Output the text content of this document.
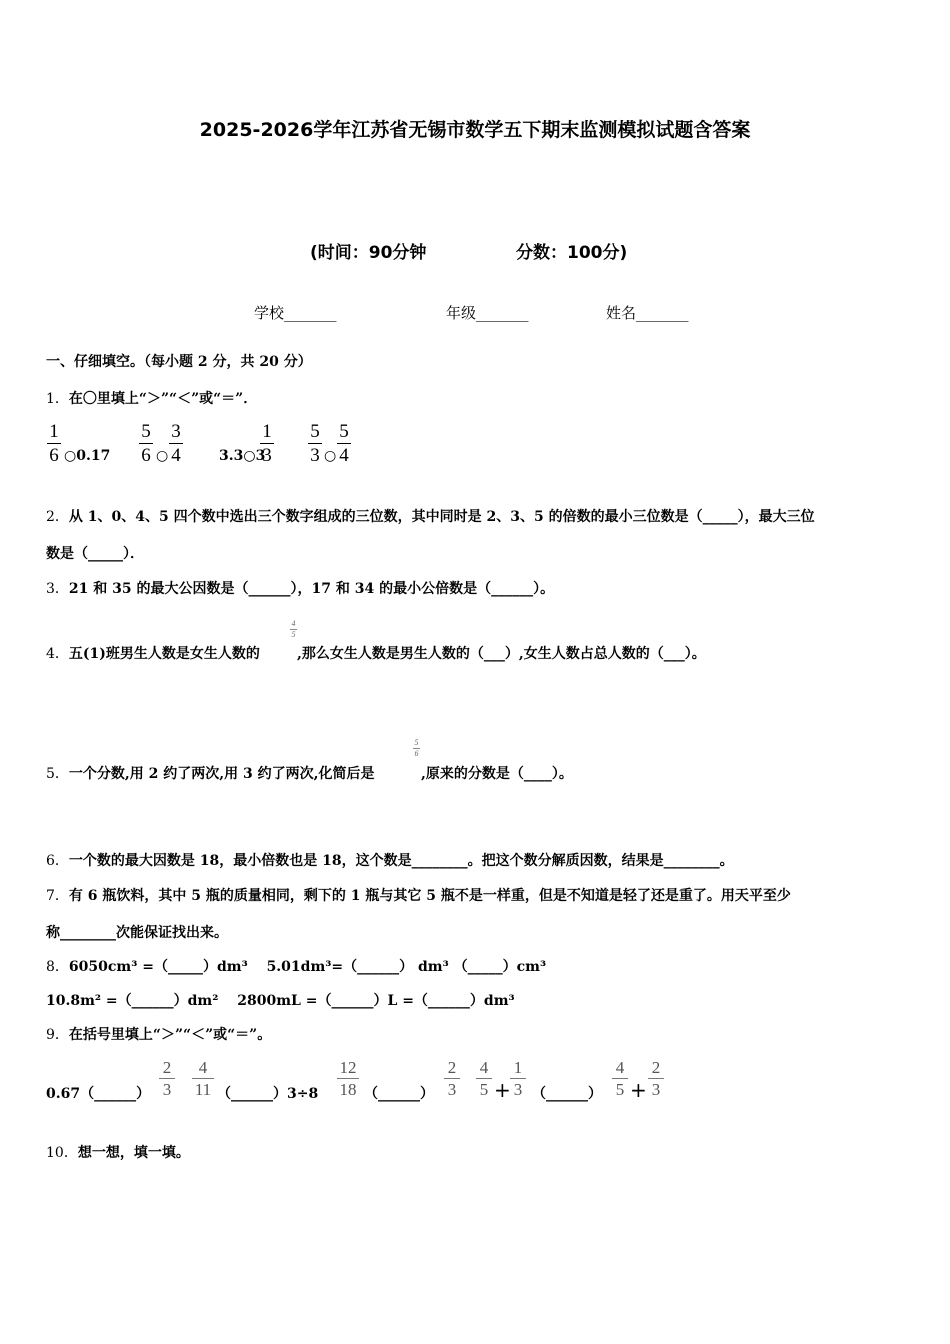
2025-2026学年江苏省无锡市数学五下期末监测模拟试题含答案
(时间：90分钟	分数：100分)
学校_______	年级_______	姓名_______
一、仔细填空。（每小题 2 分，共 20 分）
1．在〇里填上“＞”“＜”或“＝”．
1
6 ○0.17
5
6 ○
3
4	3.3○3
1
3
5
3 ○
5
4
2．从 1、0、4、5 四个数中选出三个数字组成的三位数，其中同时是 2、3、5 的倍数的最小三位数是（_____），最大三位
数是（_____）．
3．21 和 35 的最大公因数是（______），17 和 34 的最小公倍数是（______）。
4．五(1)班男生人数是女生人数的
4
5
,那么女生人数是男生人数的（___）,女生人数占总人数的（___）。
5．一个分数,用 2 约了两次,用 3 约了两次,化简后是
5
6
,原来的分数是（____）。
6．一个数的最大因数是 18，最小倍数也是 18，这个数是________。把这个数分解质因数，结果是________。
7．有 6 瓶饮料，其中 5 瓶的质量相同，剩下的 1 瓶与其它 5 瓶不是一样重，但是不知道是轻了还是重了。用天平至少
称________次能保证找出来。
8．6050cm³ =（_____）dm³　 5.01dm³=（______） dm³ （_____）cm³
10.8m² =（______）dm²　 2800mL =（______）L =（______）dm³
9．在括号里填上“＞”“＜”或“＝”。
0.67（______）
2
3
4
11 （______）3÷8
12
18 （______）
2
3
4
5 +
1
3 （______）
4
5 +
2
3
10．想一想，填一填。
